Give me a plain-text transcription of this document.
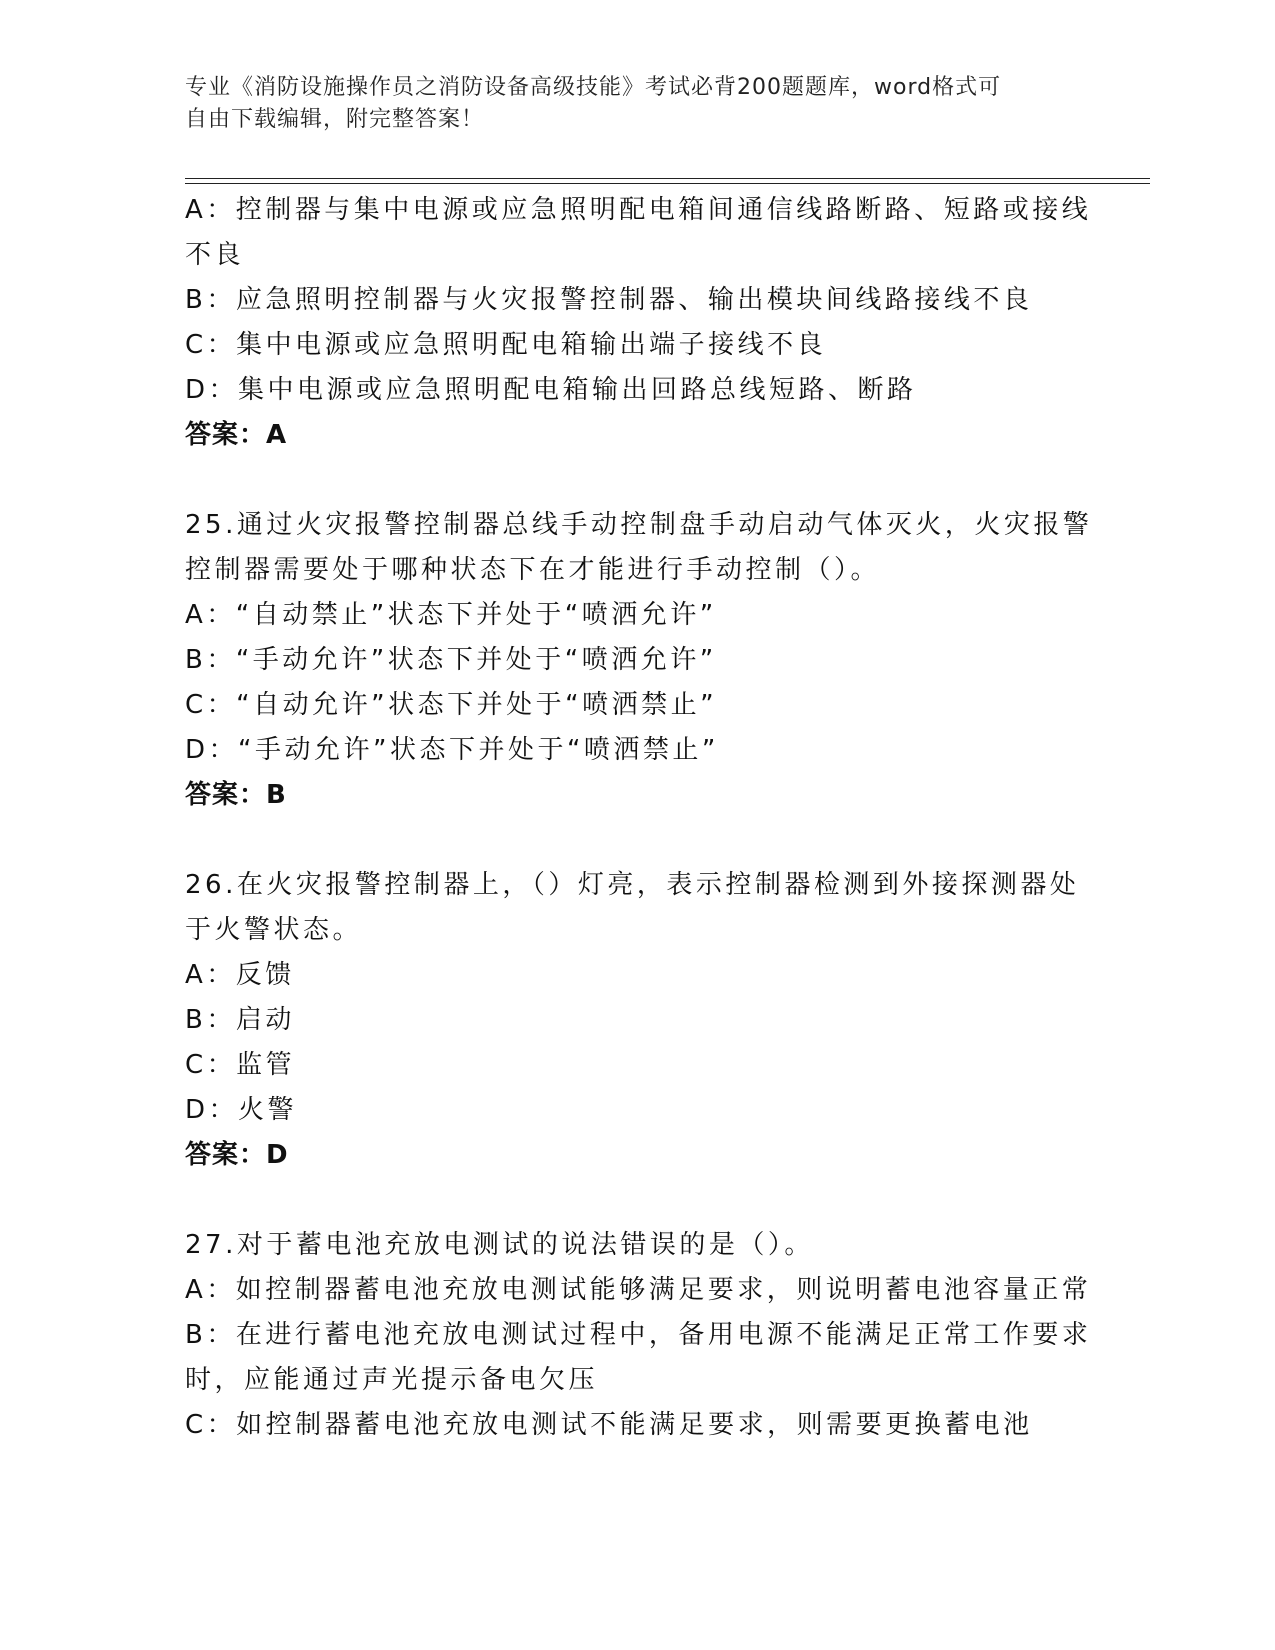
专业《消防设施操作员之消防设备高级技能》考试必背200题题库，word格式可
自由下载编辑，附完整答案！

A：控制器与集中电源或应急照明配电箱间通信线路断路、短路或接线不良

B：应急照明控制器与火灾报警控制器、输出模块间线路接线不良

C：集中电源或应急照明配电箱输出端子接线不良

D：集中电源或应急照明配电箱输出回路总线短路、断路

答案：A

25.通过火灾报警控制器总线手动控制盘手动启动气体灭火，火灾报警控制器需要处于哪种状态下在才能进行手动控制（）。

A：“自动禁止”状态下并处于“喷洒允许”

B：“手动允许”状态下并处于“喷洒允许”

C：“自动允许”状态下并处于“喷洒禁止”

D：“手动允许”状态下并处于“喷洒禁止”

答案：B

26.在火灾报警控制器上，（）灯亮，表示控制器检测到外接探测器处于火警状态。

A：反馈

B：启动

C：监管

D：火警

答案：D

27.对于蓄电池充放电测试的说法错误的是（）。

A：如控制器蓄电池充放电测试能够满足要求，则说明蓄电池容量正常

B：在进行蓄电池充放电测试过程中，备用电源不能满足正常工作要求时，应能通过声光提示备电欠压

C：如控制器蓄电池充放电测试不能满足要求，则需要更换蓄电池
